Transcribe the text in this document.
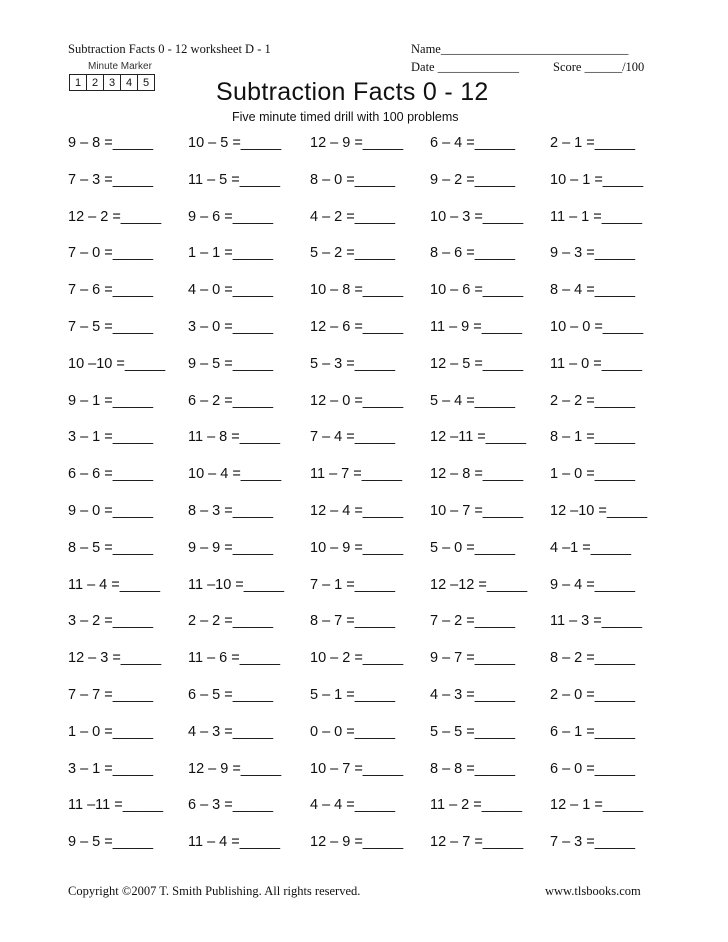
Subtraction Facts 0 - 12 worksheet D - 1	Name______________________________
Date _____________	Score ______/100
Minute Marker
1	2	3	4	5	Subtraction Facts 0 - 12
Five minute timed drill with 100 problems
9 – 8 =_____ 10 – 5 =_____ 12 – 9 =_____ 6 – 4 =_____ 2 – 1 =_____
7 – 3 =_____ 11 – 5 =_____ 8 – 0 =_____ 9 – 2 =_____ 10 – 1 =_____
12 – 2 =_____ 9 – 6 =_____	4 – 2 =_____ 10 – 3 =_____ 11 – 1 =_____
7 – 0 =_____ 1 – 1 =_____	5 – 2 =_____ 8 – 6 =_____ 9 – 3 =_____
7 – 6 =_____ 4 – 0 =_____	10 – 8 =_____ 10 – 6 =_____ 8 – 4 =_____
7 – 5 =_____ 3 – 0 =_____	12 – 6 =_____ 11 – 9 =_____ 10 – 0 =_____
10 –10 =_____ 9 – 5 =_____	5 – 3 =_____ 12 – 5 =_____ 11 – 0 =_____
9 – 1 =_____ 6 – 2 =_____	12 – 0 =_____ 5 – 4 =_____ 2 – 2 =_____
3 – 1 =_____ 11 – 8 =_____ 7 – 4 =_____ 12 –11 =_____ 8 – 1 =_____
6 – 6 =_____ 10 – 4 =_____ 11 – 7 =_____ 12 – 8 =_____ 1 – 0 =_____
9 – 0 =_____ 8 – 3 =_____	12 – 4 =_____ 10 – 7 =_____ 12 –10 =_____
8 – 5 =_____ 9 – 9 =_____	10 – 9 =_____ 5 – 0 =_____ 4 –1 =_____
11 – 4 =_____ 11 –10 =_____ 7 – 1 =_____ 12 –12 =_____ 9 – 4 =_____
3 – 2 =_____ 2 – 2 =_____	8 – 7 =_____ 7 – 2 =_____ 11 – 3 =_____
12 – 3 =_____ 11 – 6 =_____ 10 – 2 =_____ 9 – 7 =_____ 8 – 2 =_____
7 – 7 =_____ 6 – 5 =_____	5 – 1 =_____ 4 – 3 =_____ 2 – 0 =_____
1 – 0 =_____ 4 – 3 =_____	0 – 0 =_____ 5 – 5 =_____ 6 – 1 =_____
3 – 1 =_____ 12 – 9 =_____ 10 – 7 =_____ 8 – 8 =_____ 6 – 0 =_____
11 –11 =_____ 6 – 3 =_____	4 – 4 =_____ 11 – 2 =_____ 12 – 1 =_____
9 – 5 =_____ 11 – 4 =_____ 12 – 9 =_____ 12 – 7 =_____ 7 – 3 =_____
Copyright ©2007 T. Smith Publishing. All rights reserved.	www.tlsbooks.com
